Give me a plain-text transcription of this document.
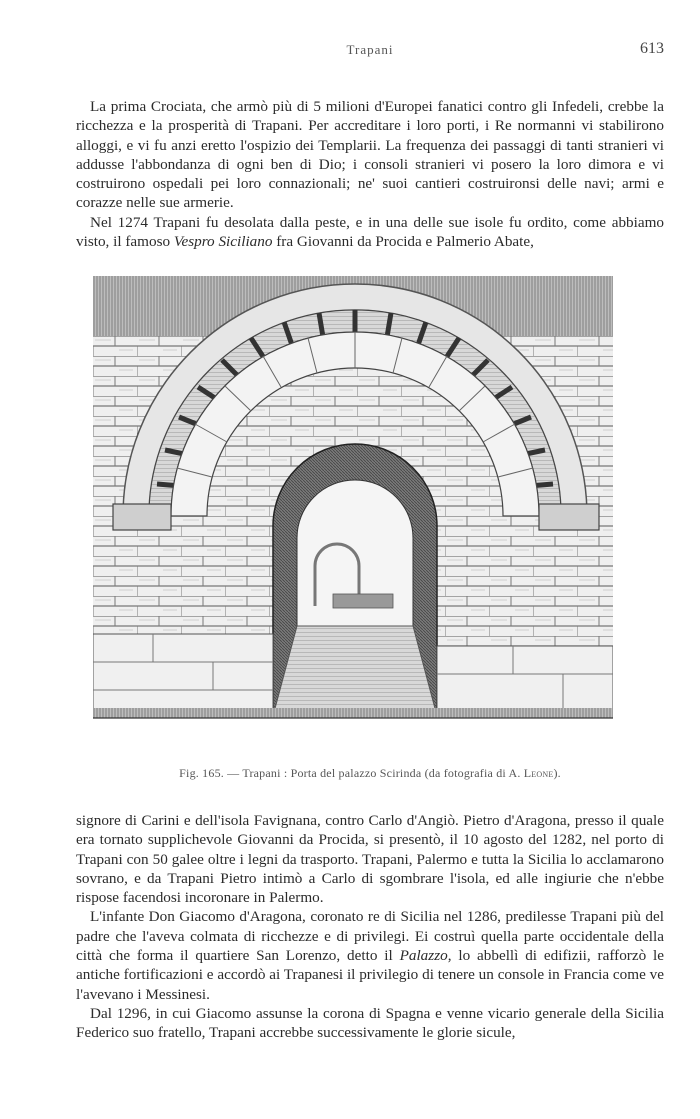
Trapani	613

La prima Crociata, che armò più di 5 milioni d'Europei fanatici contro gli Infedeli, crebbe la ricchezza e la prosperità di Trapani. Per accreditare i loro porti, i Re normanni vi stabilirono alloggi, e vi fu anzi eretto l'ospizio dei Templarii. La frequenza dei passaggi di tanti stranieri vi addusse l'abbondanza di ogni ben di Dio; i consoli stranieri vi posero la loro dimora e vi costruirono ospedali pei loro connazionali; ne' suoi cantieri costruironsi delle navi; armi e corazze nelle sue armerie.

Nel 1274 Trapani fu desolata dalla peste, e in una delle sue isole fu ordito, come abbiamo visto, il famoso Vespro Siciliano fra Giovanni da Procida e Palmerio Abate,

Fig. 165. — Trapani : Porta del palazzo Scirinda (da fotografia di A. Leone).

signore di Carini e dell'isola Favignana, contro Carlo d'Angiò. Pietro d'Aragona, presso il quale era tornato supplichevole Giovanni da Procida, si presentò, il 10 agosto del 1282, nel porto di Trapani con 50 galee oltre i legni da trasporto. Trapani, Palermo e tutta la Sicilia lo acclamarono sovrano, e da Trapani Pietro intimò a Carlo di sgombrare l'isola, ed alle ingiurie che n'ebbe rispose facendosi incoronare in Palermo.

L'infante Don Giacomo d'Aragona, coronato re di Sicilia nel 1286, predilesse Trapani più del padre che l'aveva colmata di ricchezze e di privilegi. Ei costruì quella parte occidentale della città che forma il quartiere San Lorenzo, detto il Palazzo, lo abbellì di edifizii, rafforzò le antiche fortificazioni e accordò ai Trapanesi il privilegio di tenere un console in Francia come ve l'avevano i Messinesi.

Dal 1296, in cui Giacomo assunse la corona di Spagna e venne vicario generale della Sicilia Federico suo fratello, Trapani accrebbe successivamente le glorie sicule,
